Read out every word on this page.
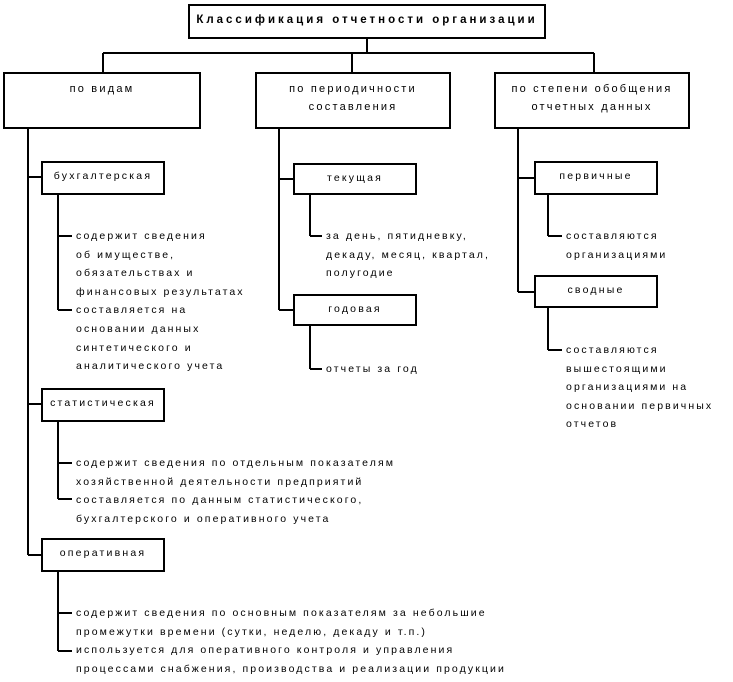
Классификация отчетности организации
по видам	по периодичности
составления
по степени обобщения
отчетных данных
бухгалтерская
статистическая
оперативная
содержит сведения
об имуществе,
обязательствах и
финансовых результатах
составляется на
основании данных
синтетического и
аналитического учета
содержит сведения по отдельным показателям
хозяйственной деятельности предприятий
составляется по данным статистического,
бухгалтерского и оперативного учета
содержит сведения по основным показателям за небольшие
промежутки времени (сутки, неделю, декаду и т.п.)
используется для оперативного контроля и управления
процессами снабжения, производства и реализации продукции
текущая
годовая
за день, пятидневку,
декаду, месяц, квартал,
полугодие
отчеты за год
первичные
сводные
составляются
организациями
составляются
вышестоящими
организациями на
основании первичных
отчетов
